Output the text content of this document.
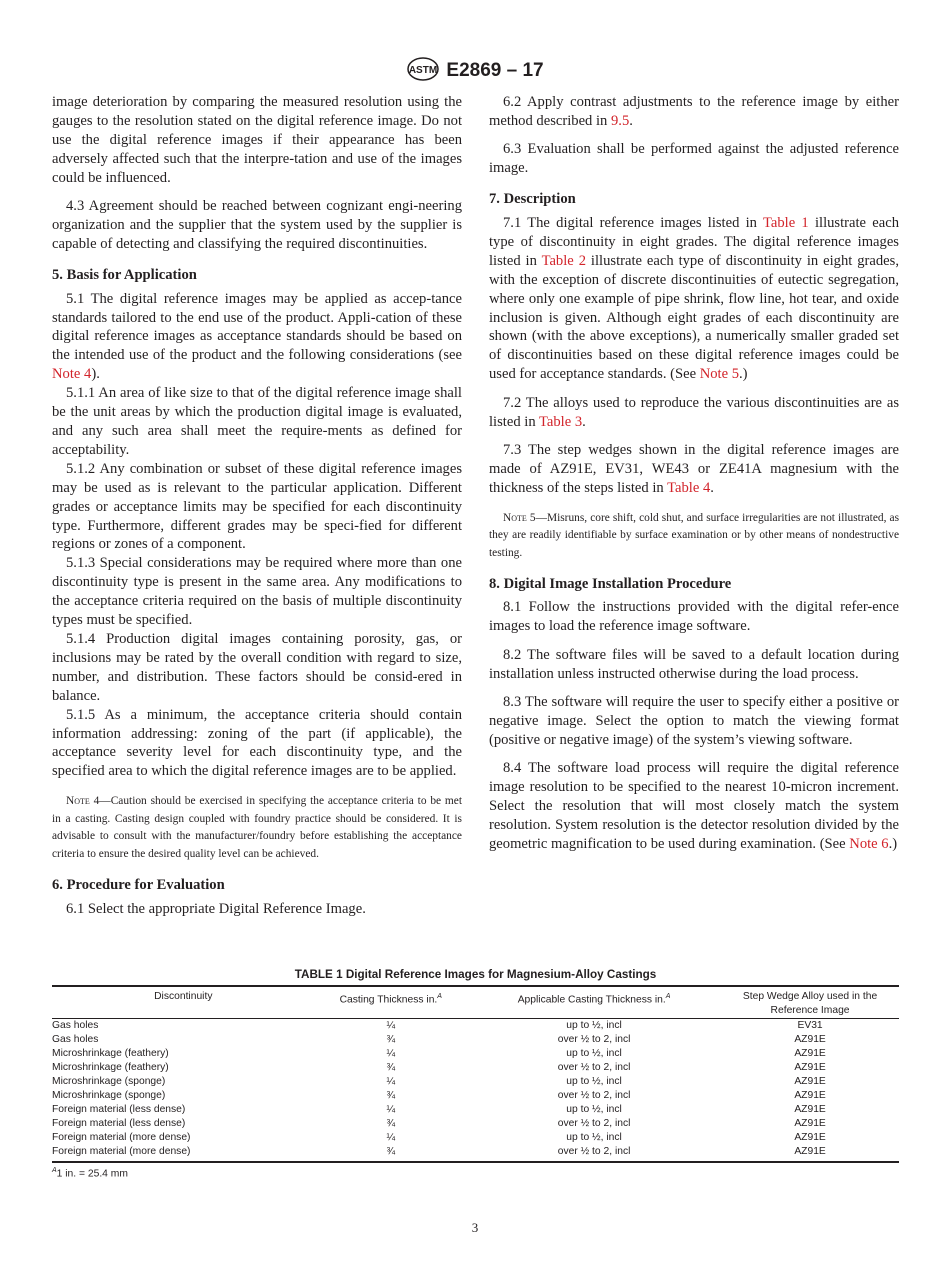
ASTM E2869 – 17

image deterioration by comparing the measured resolution using the gauges to the resolution stated on the digital reference image. Do not use the digital reference images if their appearance has been adversely affected such that the interpre-tation and use of the images could be influenced.

4.3 Agreement should be reached between cognizant engi-neering organization and the supplier that the system used by the supplier is capable of detecting and classifying the required discontinuities.

5. Basis for Application

5.1 The digital reference images may be applied as accep-tance standards tailored to the end use of the product. Appli-cation of these digital reference images as acceptance standards should be based on the intended use of the product and the following considerations (see Note 4).

5.1.1 An area of like size to that of the digital reference image shall be the unit areas by which the production digital image is evaluated, and any such area shall meet the require-ments as defined for acceptability.

5.1.2 Any combination or subset of these digital reference images may be used as is relevant to the particular application. Different grades or acceptance limits may be specified for each discontinuity type. Furthermore, different grades may be speci-fied for different regions or zones of a component.

5.1.3 Special considerations may be required where more than one discontinuity type is present in the same area. Any modifications to the acceptance criteria required on the basis of multiple discontinuity types must be specified.

5.1.4 Production digital images containing porosity, gas, or inclusions may be rated by the overall condition with regard to size, number, and distribution. These factors should be consid-ered in balance.

5.1.5 As a minimum, the acceptance criteria should contain information addressing: zoning of the part (if applicable), the acceptance severity level for each discontinuity type, and the specified area to which the digital reference images are to be applied.

Note 4—Caution should be exercised in specifying the acceptance criteria to be met in a casting. Casting design coupled with foundry practice should be considered. It is advisable to consult with the manufacturer/foundry before establishing the acceptance criteria to ensure the desired quality level can be achieved.

6. Procedure for Evaluation

6.1 Select the appropriate Digital Reference Image.

6.2 Apply contrast adjustments to the reference image by either method described in 9.5.

6.3 Evaluation shall be performed against the adjusted reference image.

7. Description

7.1 The digital reference images listed in Table 1 illustrate each type of discontinuity in eight grades. The digital reference images listed in Table 2 illustrate each type of discontinuity in eight grades, with the exception of discrete discontinuities of eutectic segregation, where only one example of pipe shrink, flow line, hot tear, and oxide inclusion is given. Although eight grades of each discontinuity are shown (with the above exceptions), a numerically smaller graded set of discontinuities based on these digital reference images could be used for acceptance standards. (See Note 5.)

7.2 The alloys used to reproduce the various discontinuities are as listed in Table 3.

7.3 The step wedges shown in the digital reference images are made of AZ91E, EV31, WE43 or ZE41A magnesium with the thickness of the steps listed in Table 4.

Note 5—Misruns, core shift, cold shut, and surface irregularities are not illustrated, as they are readily identifiable by surface examination or by other means of nondestructive testing.

8. Digital Image Installation Procedure

8.1 Follow the instructions provided with the digital refer-ence images to load the reference image software.

8.2 The software files will be saved to a default location during installation unless instructed otherwise during the load process.

8.3 The software will require the user to specify either a positive or negative image. Select the option to match the viewing format (positive or negative image) of the system’s viewing software.

8.4 The software load process will require the digital reference image resolution to be specified to the nearest 10-micron increment. Select the resolution that will most closely match the system resolution. System resolution is the detector resolution divided by the geometric magnification to be used during examination. (See Note 6.)

TABLE 1 Digital Reference Images for Magnesium-Alloy Castings
Discontinuity	Casting Thickness in.$^A$	Applicable Casting Thickness in.$^A$	Step Wedge Alloy used in the Reference Image
Gas holes	¼	up to ½, incl	EV31
Gas holes	¾	over ½ to 2, incl	AZ91E
Microshrinkage (feathery)	¼	up to ½, incl	AZ91E
Microshrinkage (feathery)	¾	over ½ to 2, incl	AZ91E
Microshrinkage (sponge)	¼	up to ½, incl	AZ91E
Microshrinkage (sponge)	¾	over ½ to 2, incl	AZ91E
Foreign material (less dense)	¼	up to ½, incl	AZ91E
Foreign material (less dense)	¾	over ½ to 2, incl	AZ91E
Foreign material (more dense)	¼	up to ½, incl	AZ91E
Foreign material (more dense)	¾	over ½ to 2, incl	AZ91E
$^A$1 in. = 25.4 mm
3
